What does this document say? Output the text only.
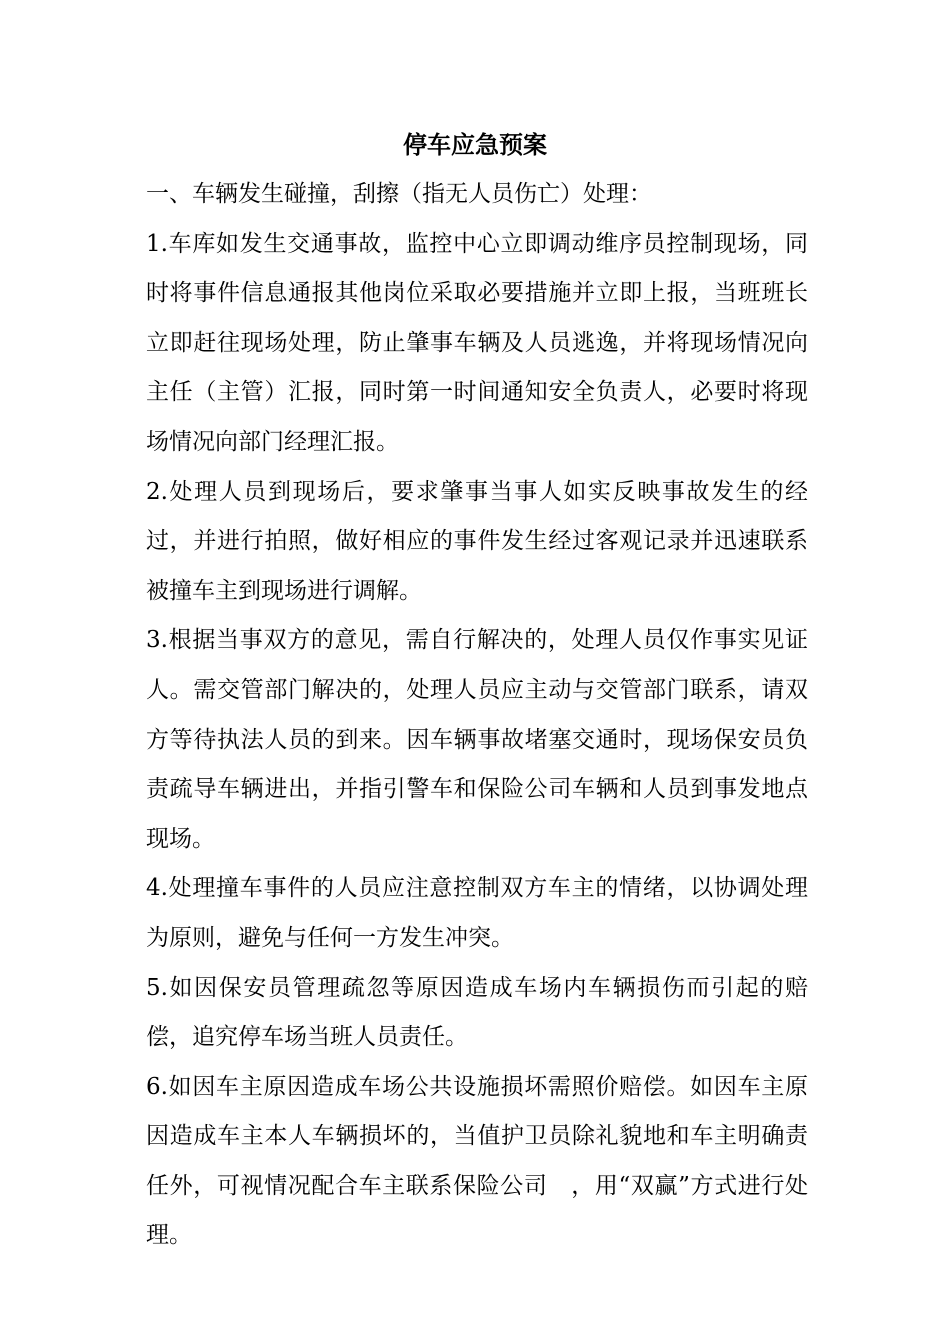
停车应急预案

一、车辆发生碰撞，刮擦（指无人员伤亡）处理：

1.车库如发生交通事故，监控中心立即调动维序员控制现场，同时将事件信息通报其他岗位采取必要措施并立即上报，当班班长立即赶往现场处理，防止肇事车辆及人员逃逸，并将现场情况向主任（主管）汇报，同时第一时间通知安全负责人，必要时将现场情况向部门经理汇报。

2.处理人员到现场后，要求肇事当事人如实反映事故发生的经过，并进行拍照，做好相应的事件发生经过客观记录并迅速联系被撞车主到现场进行调解。

3.根据当事双方的意见，需自行解决的，处理人员仅作事实见证人。需交管部门解决的，处理人员应主动与交管部门联系，请双方等待执法人员的到来。因车辆事故堵塞交通时，现场保安员负责疏导车辆进出，并指引警车和保险公司车辆和人员到事发地点现场。

4.处理撞车事件的人员应注意控制双方车主的情绪，以协调处理为原则，避免与任何一方发生冲突。

5.如因保安员管理疏忽等原因造成车场内车辆损伤而引起的赔偿，追究停车场当班人员责任。

6.如因车主原因造成车场公共设施损坏需照价赔偿。如因车主原因造成车主本人车辆损坏的，当值护卫员除礼貌地和车主明确责任外，可视情况配合车主联系保险公司   ，用“双赢”方式进行处理。
